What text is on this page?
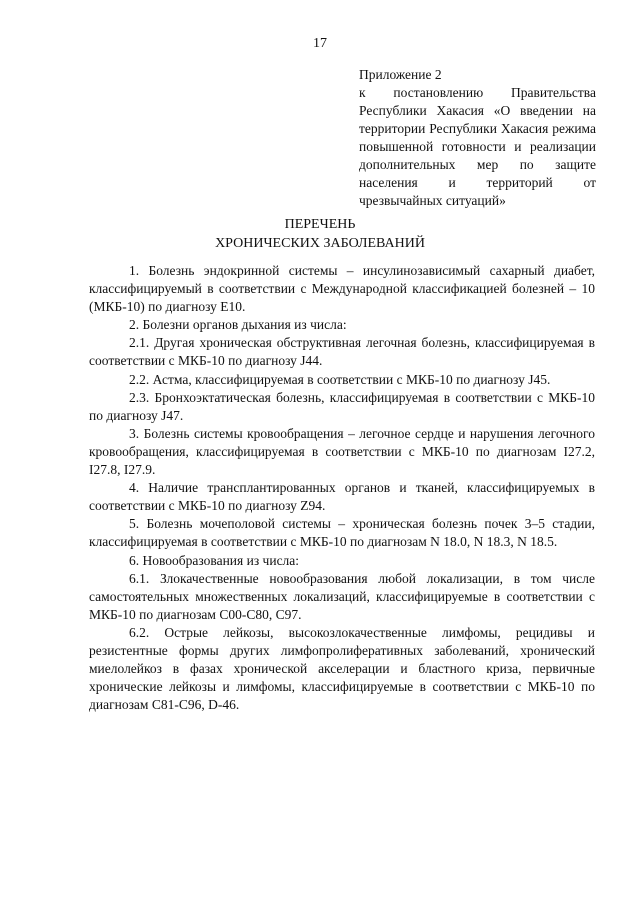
17
Приложение 2
к постановлению Правительства Республики Хакасия «О введении на территории Республики Хакасия режима повышенной готовности и реализации дополнительных мер по защите населения и территорий от чрезвычайных ситуаций»
ПЕРЕЧЕНЬ
ХРОНИЧЕСКИХ ЗАБОЛЕВАНИЙ

1. Болезнь эндокринной системы – инсулинозависимый сахарный диабет, классифицируемый в соответствии с Международной классификацией болезней – 10 (МКБ-10) по диагнозу Е10.

2. Болезни органов дыхания из числа:

2.1. Другая хроническая обструктивная легочная болезнь, классифицируемая в соответствии с МКБ-10 по диагнозу J44.

2.2. Астма, классифицируемая в соответствии с МКБ-10 по диагнозу J45.

2.3. Бронхоэктатическая болезнь, классифицируемая в соответствии с МКБ-10 по диагнозу J47.

3. Болезнь системы кровообращения – легочное сердце и нарушения легочного кровообращения, классифицируемая в соответствии с МКБ-10 по диагнозам I27.2, I27.8, I27.9.

4. Наличие трансплантированных органов и тканей, классифицируемых в соответствии с МКБ-10 по диагнозу Z94.

5. Болезнь мочеполовой системы – хроническая болезнь почек 3–5 стадии, классифицируемая в соответствии с МКБ-10 по диагнозам N 18.0, N 18.3, N 18.5.

6. Новообразования из числа:

6.1. Злокачественные новообразования любой локализации, в том числе самостоятельных множественных локализаций, классифицируемые в соответствии с МКБ-10 по диагнозам С00-С80, С97.

6.2. Острые лейкозы, высокозлокачественные лимфомы, рецидивы и резистентные формы других лимфопролиферативных заболеваний, хронический миелолейкоз в фазах хронической акселерации и бластного криза, первичные хронические лейкозы и лимфомы, классифицируемые в соответствии с МКБ-10 по диагнозам С81-С96, D-46.
